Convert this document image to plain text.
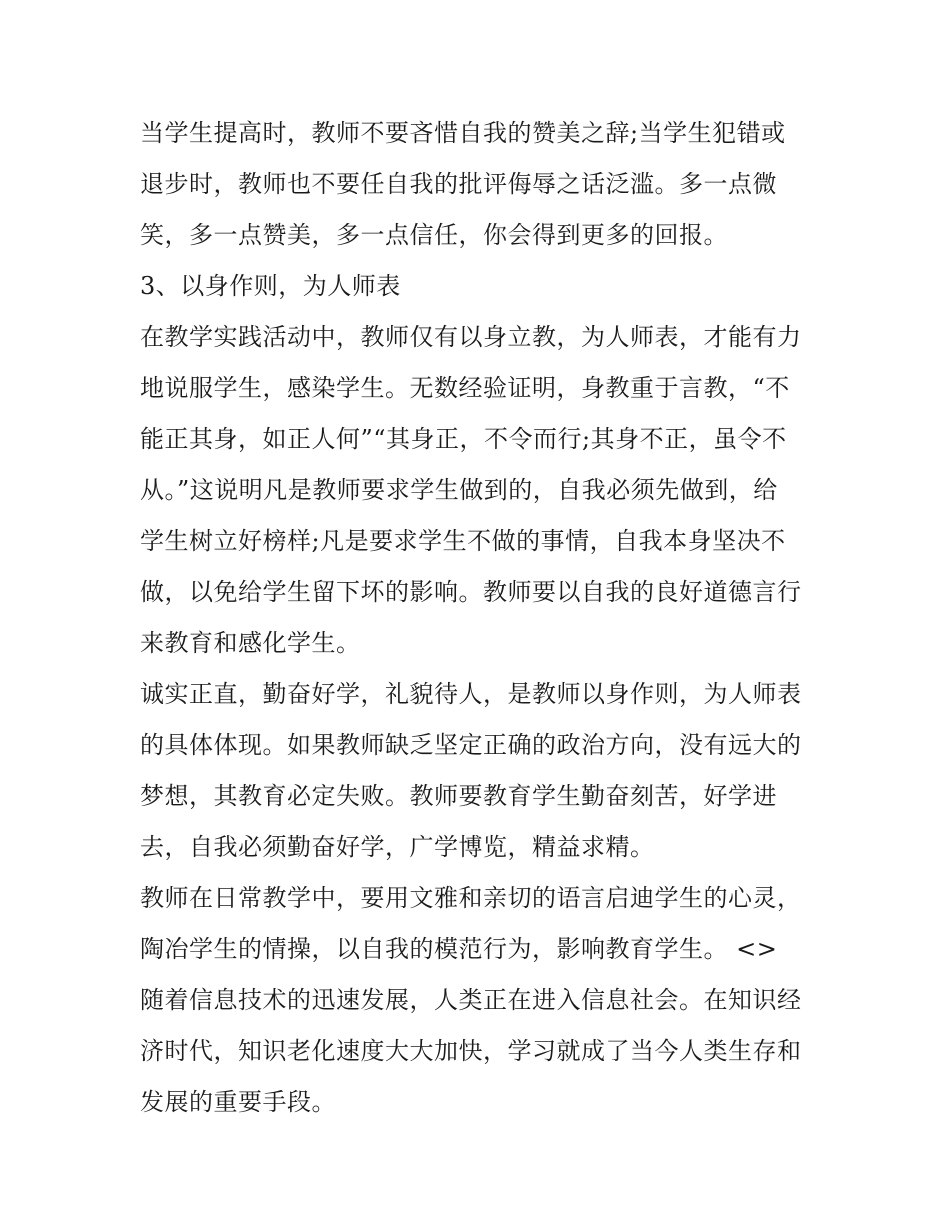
当学生提高时，教师不要吝惜自我的赞美之辞;当学生犯错或
退步时，教师也不要任自我的批评侮辱之话泛滥。多一点微
笑，多一点赞美，多一点信任，你会得到更多的回报。
3、以身作则，为人师表
在教学实践活动中，教师仅有以身立教，为人师表，才能有力
地说服学生，感染学生。无数经验证明，身教重于言教，“不
能正其身，如正人何”“其身正，不令而行;其身不正，虽令不
从。”这说明凡是教师要求学生做到的，自我必须先做到，给
学生树立好榜样;凡是要求学生不做的事情，自我本身坚决不
做，以免给学生留下坏的影响。教师要以自我的良好道德言行
来教育和感化学生。
诚实正直，勤奋好学，礼貌待人，是教师以身作则，为人师表
的具体体现。如果教师缺乏坚定正确的政治方向，没有远大的
梦想，其教育必定失败。教师要教育学生勤奋刻苦，好学进
去，自我必须勤奋好学，广学博览，精益求精。
教师在日常教学中，要用文雅和亲切的语言启迪学生的心灵，
陶冶学生的情操，以自我的模范行为，影响教育学生。 <>
随着信息技术的迅速发展，人类正在进入信息社会。在知识经
济时代，知识老化速度大大加快，学习就成了当今人类生存和
发展的重要手段。
